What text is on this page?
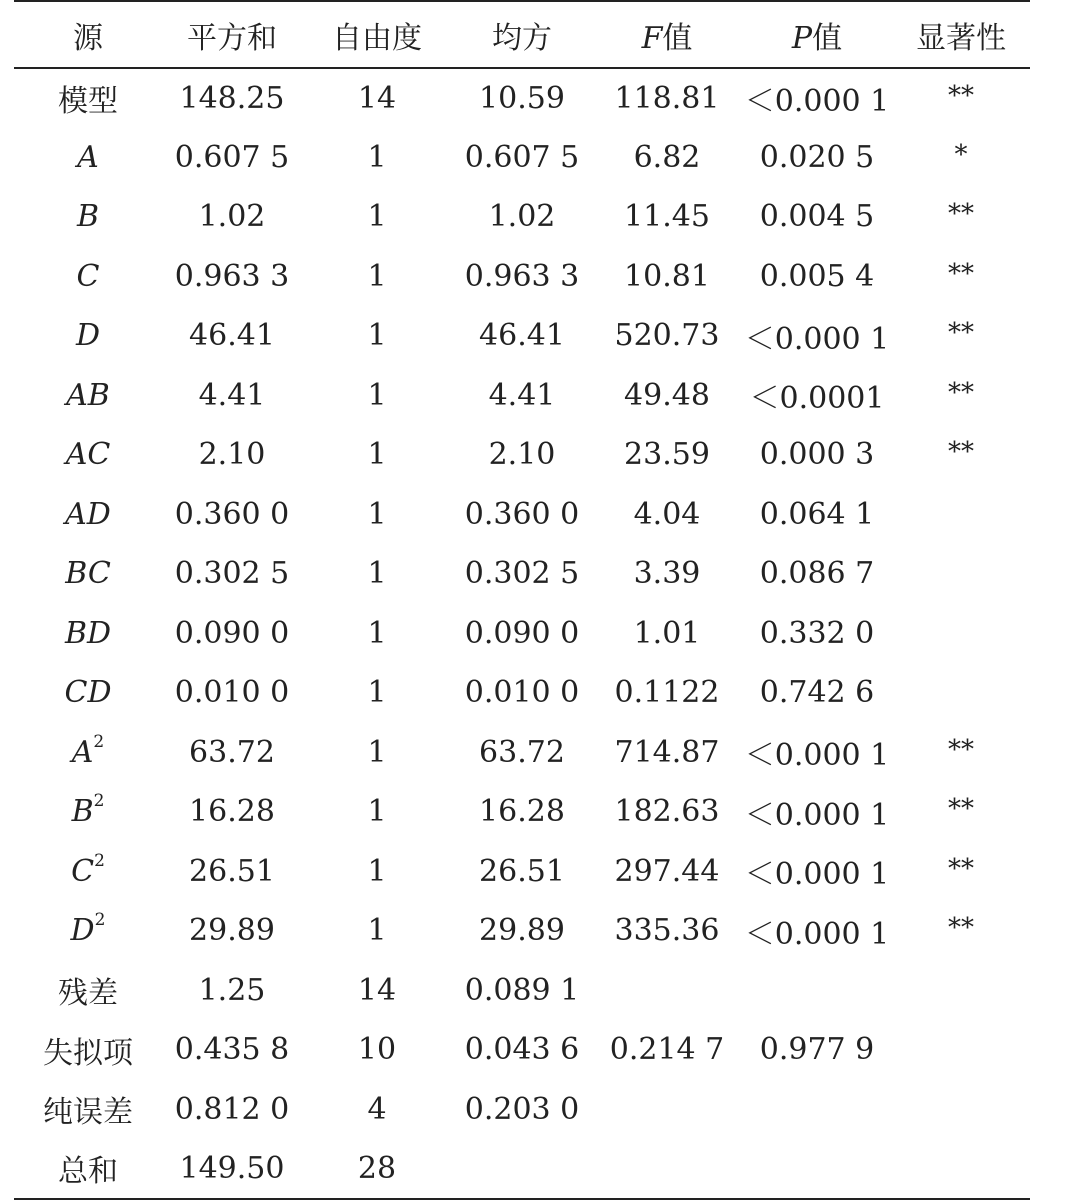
源	平方和	自由度	均方	F值	P值	显著性
模型	148.25	14	10.59	118.81	＜0.000 1	**
A	0.607 5	1	0.607 5	6.82	0.020 5	*
B	1.02	1	1.02	11.45	0.004 5	**
C	0.963 3	1	0.963 3	10.81	0.005 4	**
D	46.41	1	46.41	520.73	＜0.000 1	**
AB	4.41	1	4.41	49.48	＜0.0001	**
AC	2.10	1	2.10	23.59	0.000 3	**
AD	0.360 0	1	0.360 0	4.04	0.064 1	
BC	0.302 5	1	0.302 5	3.39	0.086 7	
BD	0.090 0	1	0.090 0	1.01	0.332 0	
CD	0.010 0	1	0.010 0	0.1122	0.742 6	
$A^2$	63.72	1	63.72	714.87	＜0.000 1	**
$B^2$	16.28	1	16.28	182.63	＜0.000 1	**
$C^2$	26.51	1	26.51	297.44	＜0.000 1	**
$D^2$	29.89	1	29.89	335.36	＜0.000 1	**
残差	1.25	14	0.089 1			
失拟项	0.435 8	10	0.043 6	0.214 7	0.977 9	
纯误差	0.812 0	4	0.203 0			
总和	149.50	28				
